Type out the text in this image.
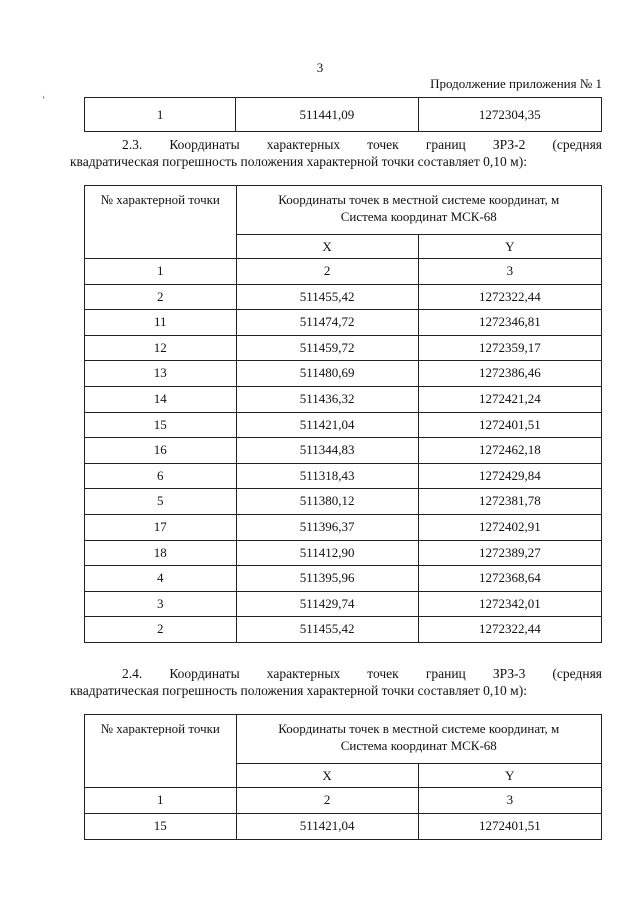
3
Продолжение приложения № 1
ʻ
1	511441,09	1272304,35
2.3. Координаты характерных точек границ ЗРЗ-2 (средняя
квадратическая погрешность положения характерной точки составляет 0,10 м):
№ характерной точки	Координаты точек в местной системе координат, м
Система координат МСК-68	

	X	Y
1	2	3
2	511455,42	1272322,44
11	511474,72	1272346,81
12	511459,72	1272359,17
13	511480,69	1272386,46
14	511436,32	1272421,24
15	511421,04	1272401,51
16	511344,83	1272462,18
6	511318,43	1272429,84
5	511380,12	1272381,78
17	511396,37	1272402,91
18	511412,90	1272389,27
4	511395,96	1272368,64
3	511429,74	1272342,01
2	511455,42	1272322,44
2.4. Координаты характерных точек границ ЗРЗ-3 (средняя
квадратическая погрешность положения характерной точки составляет 0,10 м):
№ характерной точки	Координаты точек в местной системе координат, м
Система координат МСК-68	

	X	Y
1	2	3
15	511421,04	1272401,51
